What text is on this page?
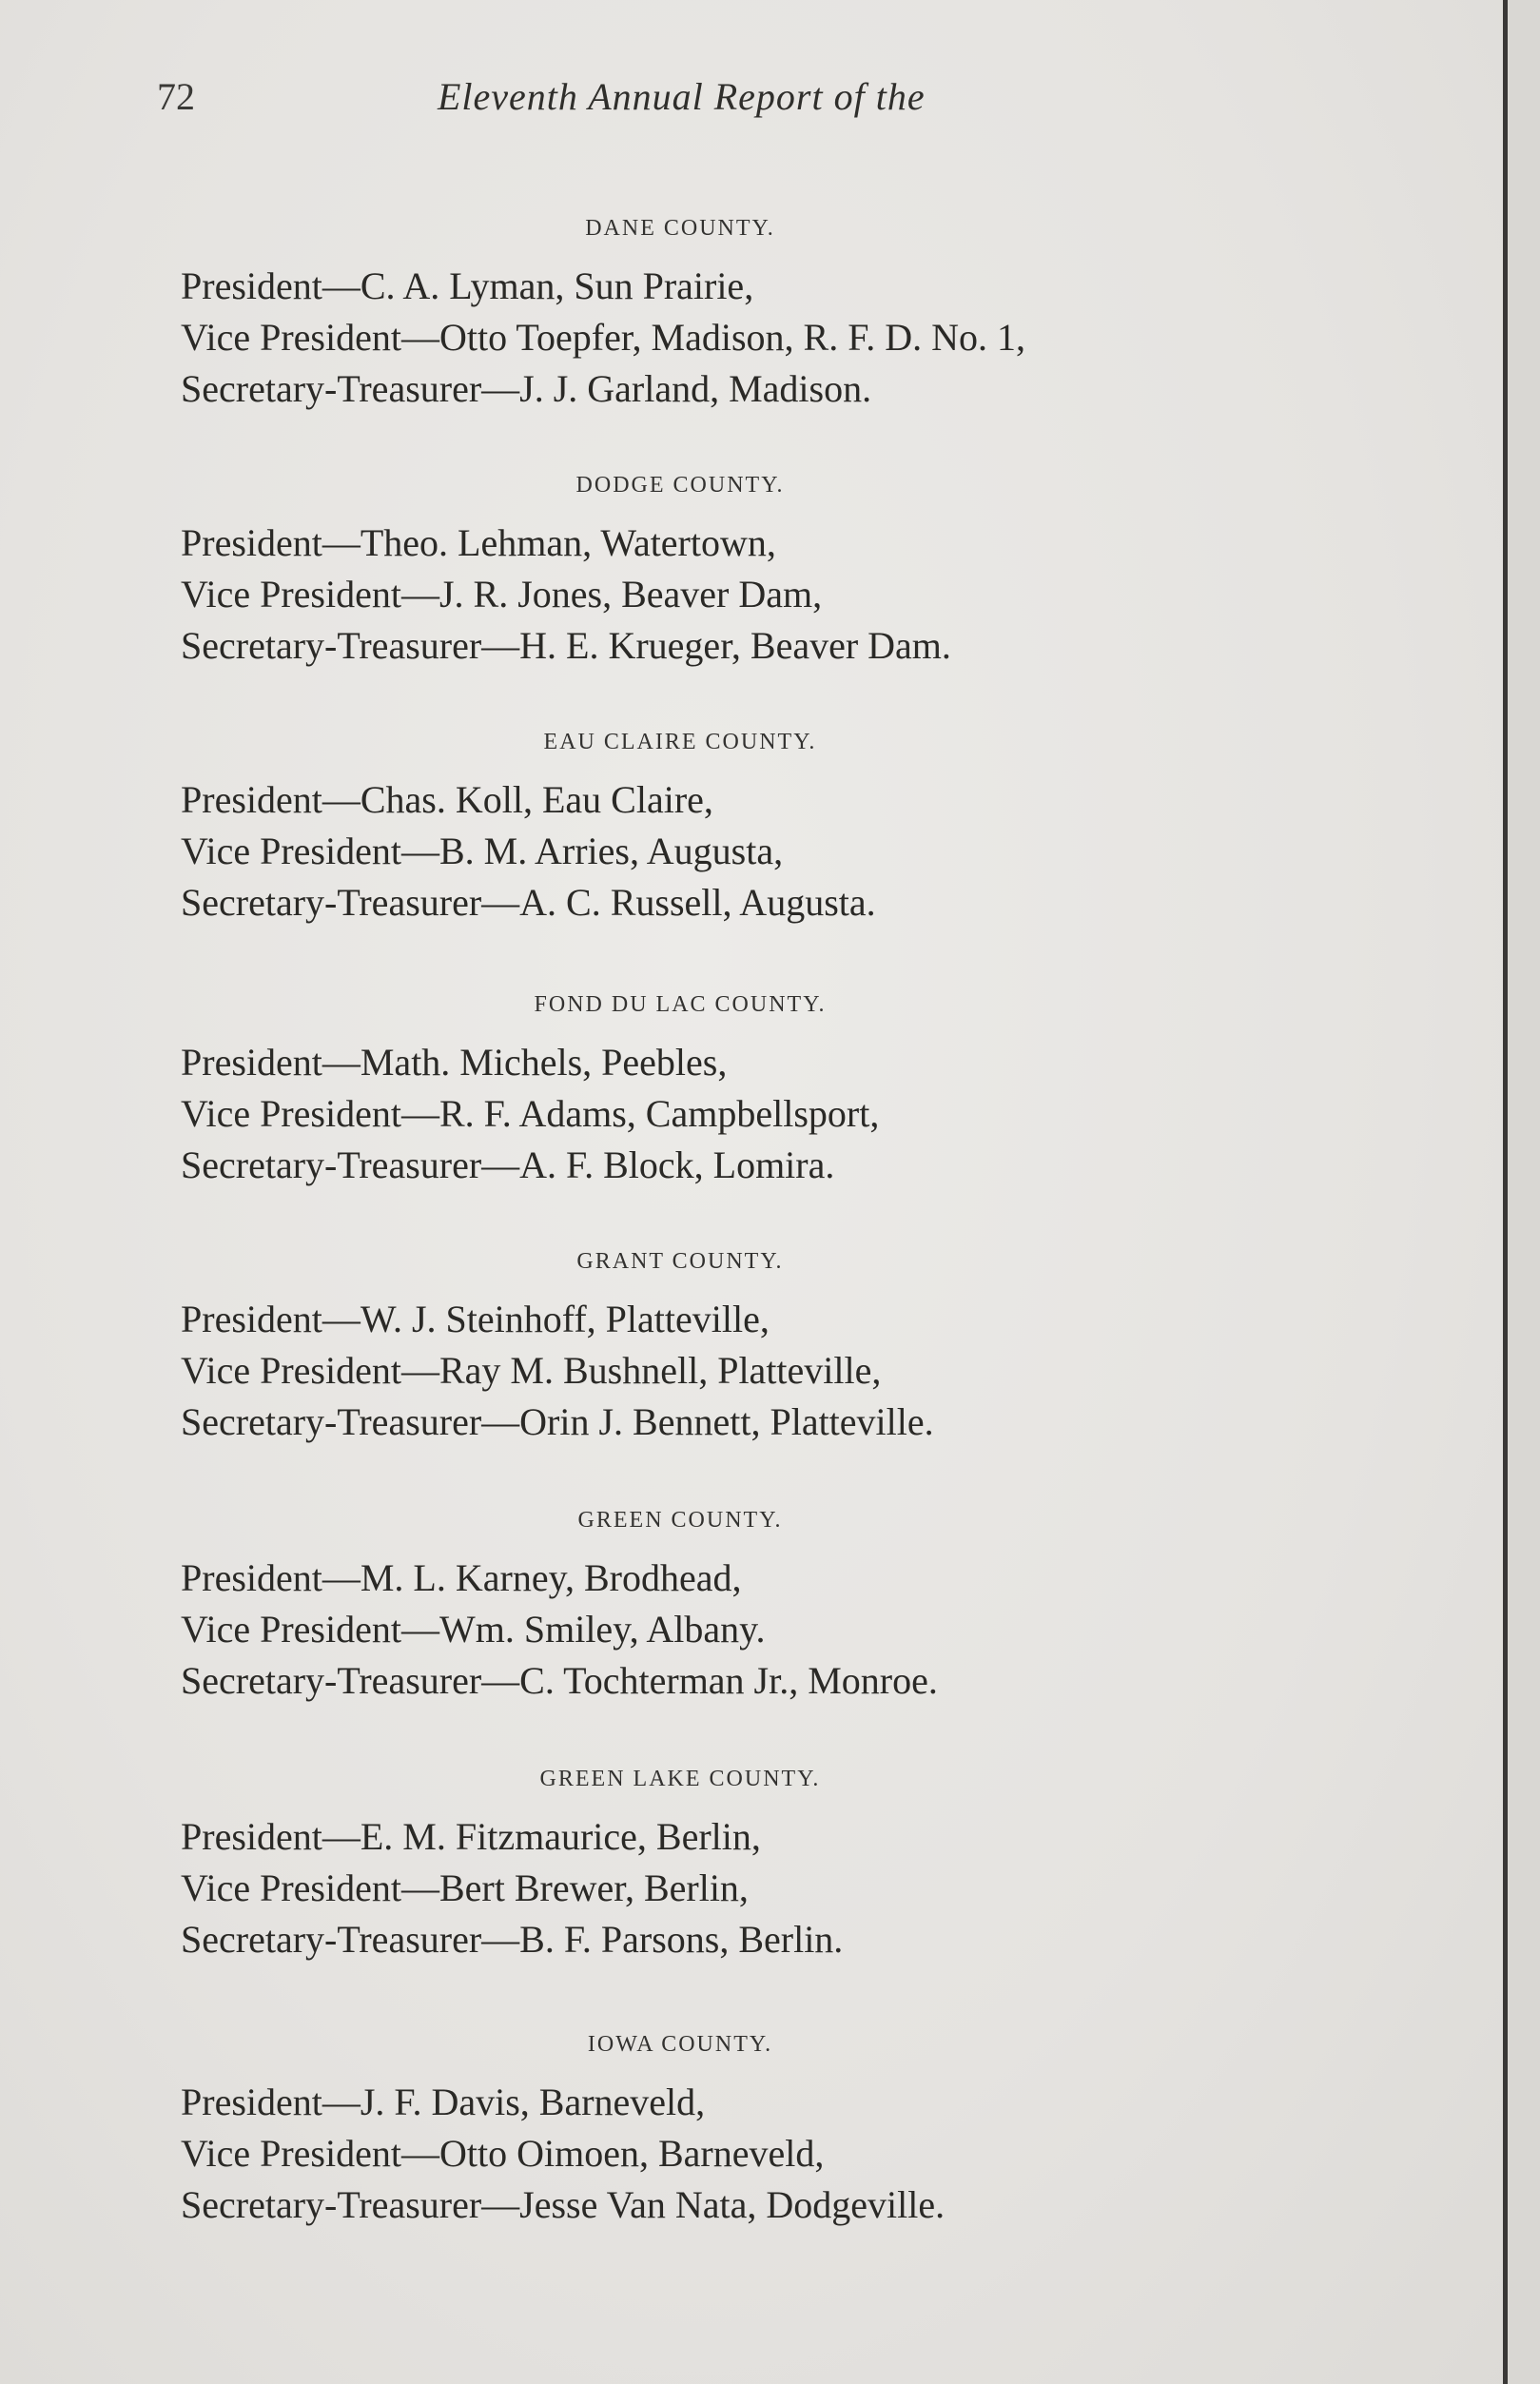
72	Eleventh Annual Report of the
DANE COUNTY.
President—C. A. Lyman, Sun Prairie,
Vice President—Otto Toepfer, Madison, R. F. D. No. 1,
Secretary-Treasurer—J. J. Garland, Madison.
DODGE COUNTY.
President—Theo. Lehman, Watertown,
Vice President—J. R. Jones, Beaver Dam,
Secretary-Treasurer—H. E. Krueger, Beaver Dam.
EAU CLAIRE COUNTY.
President—Chas. Koll, Eau Claire,
Vice President—B. M. Arries, Augusta,
Secretary-Treasurer—A. C. Russell, Augusta.
FOND DU LAC COUNTY.
President—Math. Michels, Peebles,
Vice President—R. F. Adams, Campbellsport,
Secretary-Treasurer—A. F. Block, Lomira.
GRANT COUNTY.
President—W. J. Steinhoff, Platteville,
Vice President—Ray M. Bushnell, Platteville,
Secretary-Treasurer—Orin J. Bennett, Platteville.
GREEN COUNTY.
President—M. L. Karney, Brodhead,
Vice President—Wm. Smiley, Albany.
Secretary-Treasurer—C. Tochterman Jr., Monroe.
GREEN LAKE COUNTY.
President—E. M. Fitzmaurice, Berlin,
Vice President—Bert Brewer, Berlin,
Secretary-Treasurer—B. F. Parsons, Berlin.
IOWA COUNTY.
President—J. F. Davis, Barneveld,
Vice President—Otto Oimoen, Barneveld,
Secretary-Treasurer—Jesse Van Nata, Dodgeville.
